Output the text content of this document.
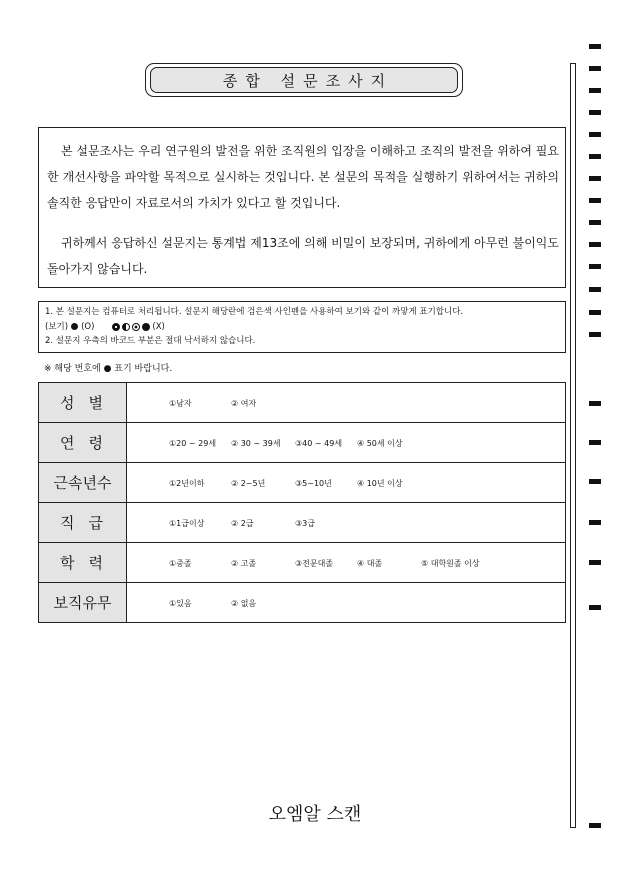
종합 설문조사지

본 설문조사는 우리 연구원의 발전을 위한 조직원의 입장을 이해하고 조직의 발전을 위하여 필요한 개선사항을 파악할 목적으로 실시하는 것입니다. 본 설문의 목적을 실행하기 위하여서는 귀하의 솔직한 응답만이 자료로서의 가치가 있다고 할 것입니다.

귀하께서 응답하신 설문지는 통계법 제13조에 의해 비밀이 보장되며, 귀하에게 아무런 불이익도 돌아가지 않습니다.

1. 본 설문지는 컴퓨터로 처리됩니다. 설문지 해당란에 검은색 사인펜을 사용하여 보기와 같이 까맣게 표기합니다.
(보기) (O)	(X)
2. 설문지 우측의 바코드 부분은 절대 낙서하지 않습니다.
※ 해당 번호에 ● 표기 바랍니다.
성별	①남자 ② 여자

연령	①20 ~ 29세 ② 30 ~ 39세 ③40 ~ 49세 ④ 50세 이상

근속년수	①2년이하 ② 2~5년 ③5~10년 ④ 10년 이상

직급	①1급이상 ② 2급 ③3급

학력	①중졸 ② 고졸 ③전문대졸 ④ 대졸 ⑤ 대학원졸 이상

보직유무	①있음 ② 없음
오엠알 스캔
